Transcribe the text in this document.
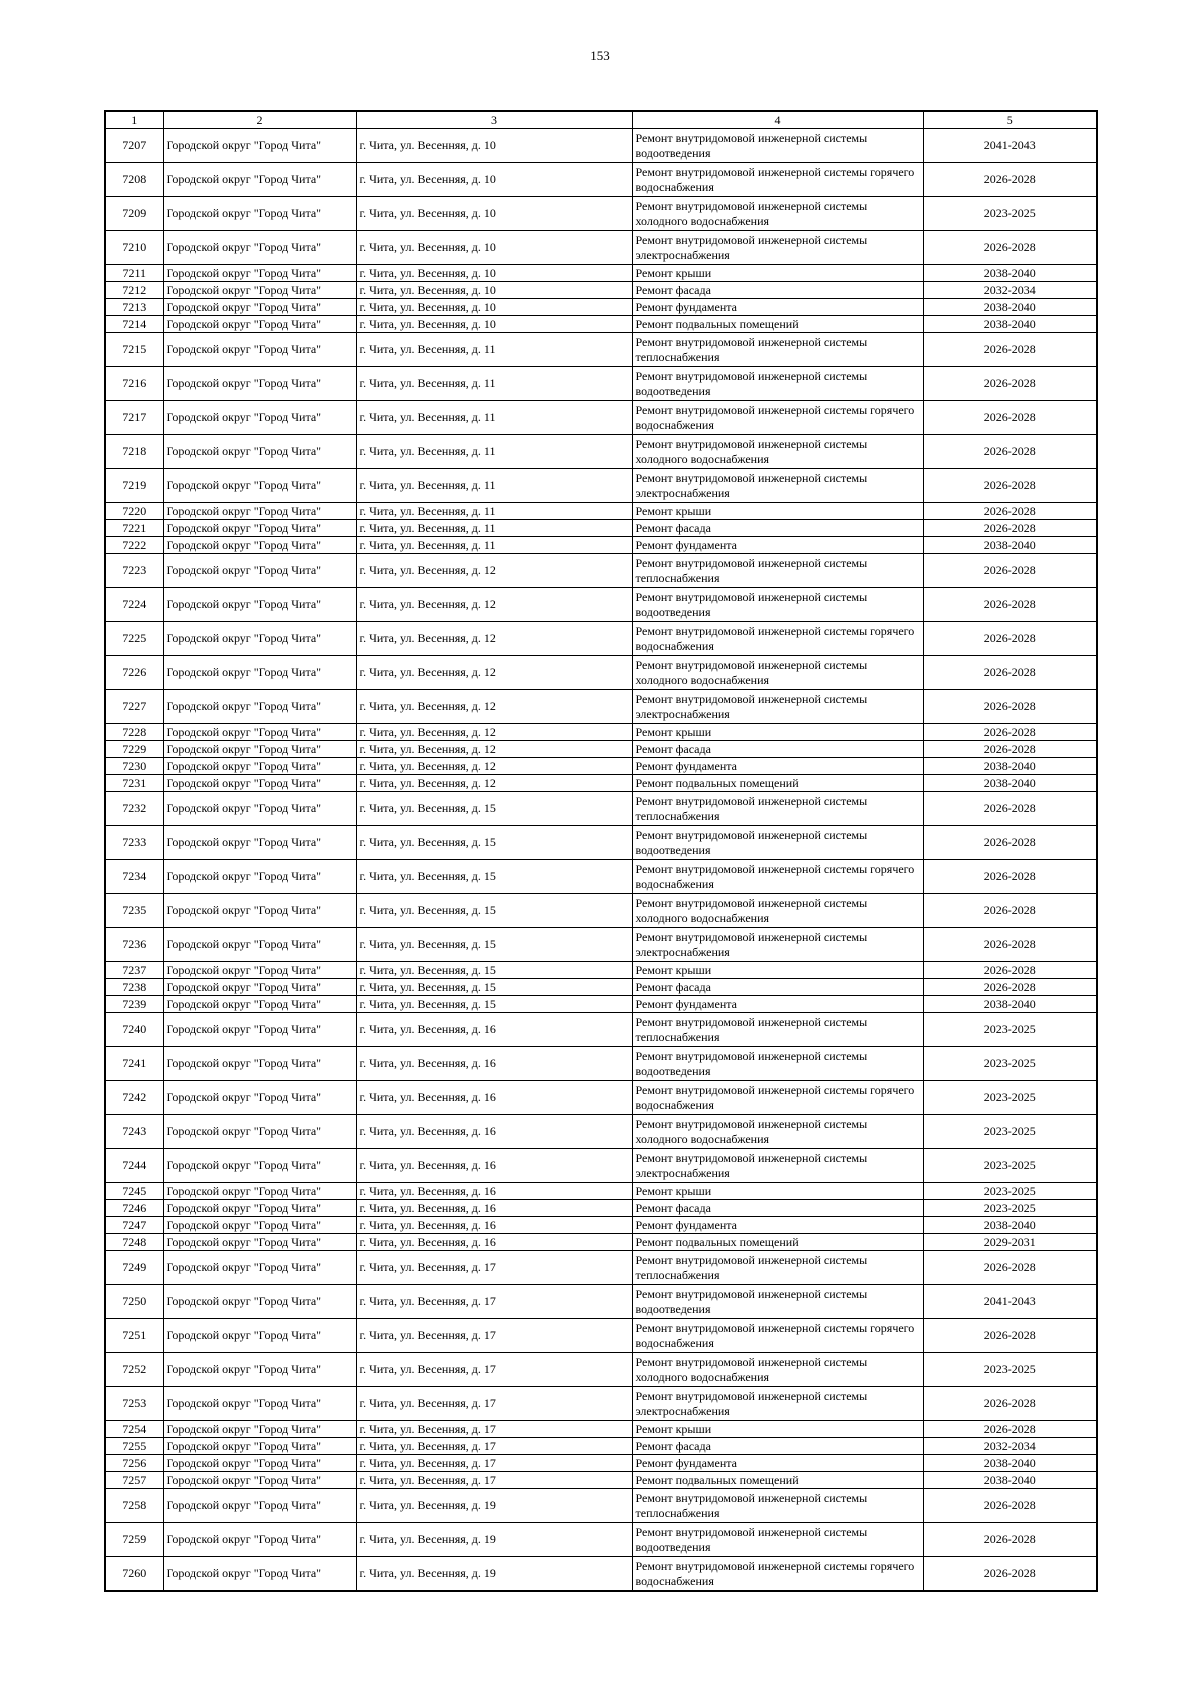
153
1	2	3	4	5
7207	Городской округ "Город Чита"	г. Чита, ул. Весенняя, д. 10	Ремонт внутридомовой инженерной системы водоотведения	2041-2043
7208	Городской округ "Город Чита"	г. Чита, ул. Весенняя, д. 10	Ремонт внутридомовой инженерной системы горячего водоснабжения	2026-2028
7209	Городской округ "Город Чита"	г. Чита, ул. Весенняя, д. 10	Ремонт внутридомовой инженерной системы холодного водоснабжения	2023-2025
7210	Городской округ "Город Чита"	г. Чита, ул. Весенняя, д. 10	Ремонт внутридомовой инженерной системы электроснабжения	2026-2028
7211	Городской округ "Город Чита"	г. Чита, ул. Весенняя, д. 10	Ремонт крыши	2038-2040
7212	Городской округ "Город Чита"	г. Чита, ул. Весенняя, д. 10	Ремонт фасада	2032-2034
7213	Городской округ "Город Чита"	г. Чита, ул. Весенняя, д. 10	Ремонт фундамента	2038-2040
7214	Городской округ "Город Чита"	г. Чита, ул. Весенняя, д. 10	Ремонт подвальных помещений	2038-2040
7215	Городской округ "Город Чита"	г. Чита, ул. Весенняя, д. 11	Ремонт внутридомовой инженерной системы теплоснабжения	2026-2028
7216	Городской округ "Город Чита"	г. Чита, ул. Весенняя, д. 11	Ремонт внутридомовой инженерной системы водоотведения	2026-2028
7217	Городской округ "Город Чита"	г. Чита, ул. Весенняя, д. 11	Ремонт внутридомовой инженерной системы горячего водоснабжения	2026-2028
7218	Городской округ "Город Чита"	г. Чита, ул. Весенняя, д. 11	Ремонт внутридомовой инженерной системы холодного водоснабжения	2026-2028
7219	Городской округ "Город Чита"	г. Чита, ул. Весенняя, д. 11	Ремонт внутридомовой инженерной системы электроснабжения	2026-2028
7220	Городской округ "Город Чита"	г. Чита, ул. Весенняя, д. 11	Ремонт крыши	2026-2028
7221	Городской округ "Город Чита"	г. Чита, ул. Весенняя, д. 11	Ремонт фасада	2026-2028
7222	Городской округ "Город Чита"	г. Чита, ул. Весенняя, д. 11	Ремонт фундамента	2038-2040
7223	Городской округ "Город Чита"	г. Чита, ул. Весенняя, д. 12	Ремонт внутридомовой инженерной системы теплоснабжения	2026-2028
7224	Городской округ "Город Чита"	г. Чита, ул. Весенняя, д. 12	Ремонт внутридомовой инженерной системы водоотведения	2026-2028
7225	Городской округ "Город Чита"	г. Чита, ул. Весенняя, д. 12	Ремонт внутридомовой инженерной системы горячего водоснабжения	2026-2028
7226	Городской округ "Город Чита"	г. Чита, ул. Весенняя, д. 12	Ремонт внутридомовой инженерной системы холодного водоснабжения	2026-2028
7227	Городской округ "Город Чита"	г. Чита, ул. Весенняя, д. 12	Ремонт внутридомовой инженерной системы электроснабжения	2026-2028
7228	Городской округ "Город Чита"	г. Чита, ул. Весенняя, д. 12	Ремонт крыши	2026-2028
7229	Городской округ "Город Чита"	г. Чита, ул. Весенняя, д. 12	Ремонт фасада	2026-2028
7230	Городской округ "Город Чита"	г. Чита, ул. Весенняя, д. 12	Ремонт фундамента	2038-2040
7231	Городской округ "Город Чита"	г. Чита, ул. Весенняя, д. 12	Ремонт подвальных помещений	2038-2040
7232	Городской округ "Город Чита"	г. Чита, ул. Весенняя, д. 15	Ремонт внутридомовой инженерной системы теплоснабжения	2026-2028
7233	Городской округ "Город Чита"	г. Чита, ул. Весенняя, д. 15	Ремонт внутридомовой инженерной системы водоотведения	2026-2028
7234	Городской округ "Город Чита"	г. Чита, ул. Весенняя, д. 15	Ремонт внутридомовой инженерной системы горячего водоснабжения	2026-2028
7235	Городской округ "Город Чита"	г. Чита, ул. Весенняя, д. 15	Ремонт внутридомовой инженерной системы холодного водоснабжения	2026-2028
7236	Городской округ "Город Чита"	г. Чита, ул. Весенняя, д. 15	Ремонт внутридомовой инженерной системы электроснабжения	2026-2028
7237	Городской округ "Город Чита"	г. Чита, ул. Весенняя, д. 15	Ремонт крыши	2026-2028
7238	Городской округ "Город Чита"	г. Чита, ул. Весенняя, д. 15	Ремонт фасада	2026-2028
7239	Городской округ "Город Чита"	г. Чита, ул. Весенняя, д. 15	Ремонт фундамента	2038-2040
7240	Городской округ "Город Чита"	г. Чита, ул. Весенняя, д. 16	Ремонт внутридомовой инженерной системы теплоснабжения	2023-2025
7241	Городской округ "Город Чита"	г. Чита, ул. Весенняя, д. 16	Ремонт внутридомовой инженерной системы водоотведения	2023-2025
7242	Городской округ "Город Чита"	г. Чита, ул. Весенняя, д. 16	Ремонт внутридомовой инженерной системы горячего водоснабжения	2023-2025
7243	Городской округ "Город Чита"	г. Чита, ул. Весенняя, д. 16	Ремонт внутридомовой инженерной системы холодного водоснабжения	2023-2025
7244	Городской округ "Город Чита"	г. Чита, ул. Весенняя, д. 16	Ремонт внутридомовой инженерной системы электроснабжения	2023-2025
7245	Городской округ "Город Чита"	г. Чита, ул. Весенняя, д. 16	Ремонт крыши	2023-2025
7246	Городской округ "Город Чита"	г. Чита, ул. Весенняя, д. 16	Ремонт фасада	2023-2025
7247	Городской округ "Город Чита"	г. Чита, ул. Весенняя, д. 16	Ремонт фундамента	2038-2040
7248	Городской округ "Город Чита"	г. Чита, ул. Весенняя, д. 16	Ремонт подвальных помещений	2029-2031
7249	Городской округ "Город Чита"	г. Чита, ул. Весенняя, д. 17	Ремонт внутридомовой инженерной системы теплоснабжения	2026-2028
7250	Городской округ "Город Чита"	г. Чита, ул. Весенняя, д. 17	Ремонт внутридомовой инженерной системы водоотведения	2041-2043
7251	Городской округ "Город Чита"	г. Чита, ул. Весенняя, д. 17	Ремонт внутридомовой инженерной системы горячего водоснабжения	2026-2028
7252	Городской округ "Город Чита"	г. Чита, ул. Весенняя, д. 17	Ремонт внутридомовой инженерной системы холодного водоснабжения	2023-2025
7253	Городской округ "Город Чита"	г. Чита, ул. Весенняя, д. 17	Ремонт внутридомовой инженерной системы электроснабжения	2026-2028
7254	Городской округ "Город Чита"	г. Чита, ул. Весенняя, д. 17	Ремонт крыши	2026-2028
7255	Городской округ "Город Чита"	г. Чита, ул. Весенняя, д. 17	Ремонт фасада	2032-2034
7256	Городской округ "Город Чита"	г. Чита, ул. Весенняя, д. 17	Ремонт фундамента	2038-2040
7257	Городской округ "Город Чита"	г. Чита, ул. Весенняя, д. 17	Ремонт подвальных помещений	2038-2040
7258	Городской округ "Город Чита"	г. Чита, ул. Весенняя, д. 19	Ремонт внутридомовой инженерной системы теплоснабжения	2026-2028
7259	Городской округ "Город Чита"	г. Чита, ул. Весенняя, д. 19	Ремонт внутридомовой инженерной системы водоотведения	2026-2028
7260	Городской округ "Город Чита"	г. Чита, ул. Весенняя, д. 19	Ремонт внутридомовой инженерной системы горячего водоснабжения	2026-2028
